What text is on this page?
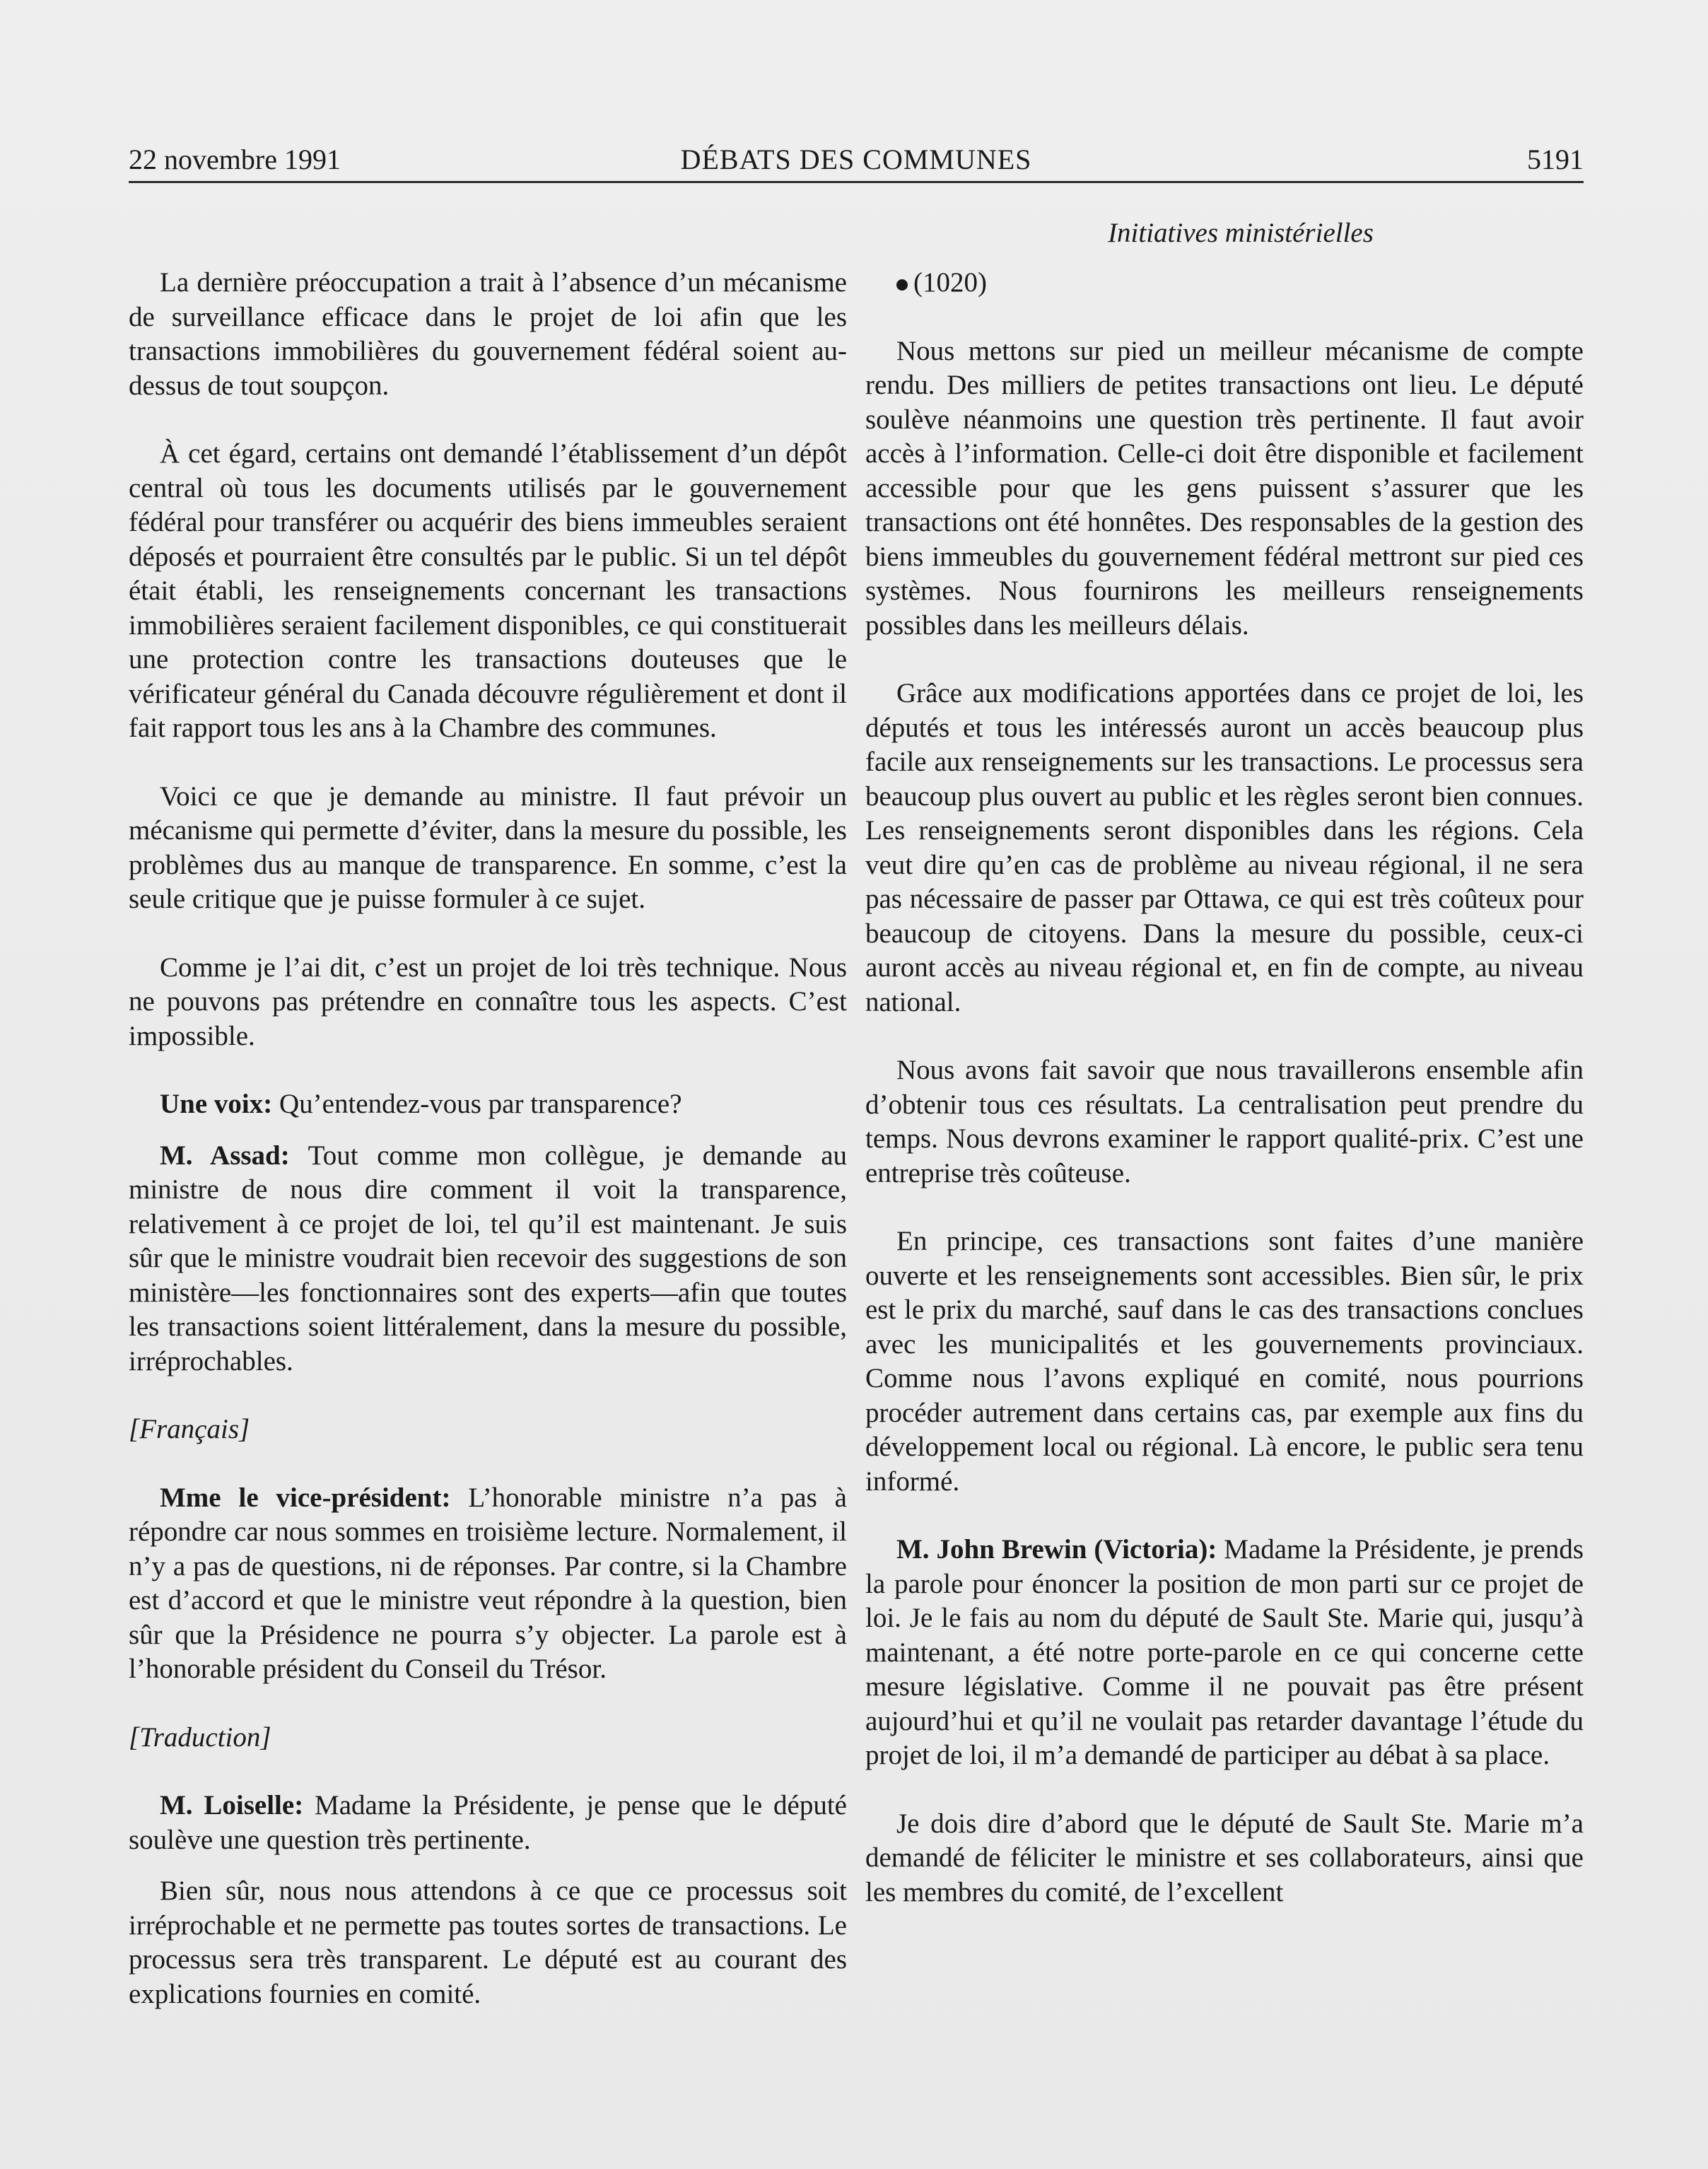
22 novembre 1991	DÉBATS DES COMMUNES	5191
Initiatives ministérielles

La dernière préoccupation a trait à l’absence d’un mécanisme de surveillance efficace dans le projet de loi afin que les transactions immobilières du gouvernement fédéral soient au-dessus de tout soupçon.

À cet égard, certains ont demandé l’établissement d’un dépôt central où tous les documents utilisés par le gouvernement fédéral pour transférer ou acquérir des biens immeubles seraient déposés et pourraient être consultés par le public. Si un tel dépôt était établi, les renseignements concernant les transactions immobilières seraient facilement disponibles, ce qui constituerait une protection contre les transactions douteuses que le vérificateur général du Canada découvre régulièrement et dont il fait rapport tous les ans à la Chambre des communes.

Voici ce que je demande au ministre. Il faut prévoir un mécanisme qui permette d’éviter, dans la mesure du possible, les problèmes dus au manque de transparence. En somme, c’est la seule critique que je puisse formuler à ce sujet.

Comme je l’ai dit, c’est un projet de loi très technique. Nous ne pouvons pas prétendre en connaître tous les aspects. C’est impossible.

Une voix: Qu’entendez-vous par transparence?

M. Assad: Tout comme mon collègue, je demande au ministre de nous dire comment il voit la transparence, relativement à ce projet de loi, tel qu’il est maintenant. Je suis sûr que le ministre voudrait bien recevoir des suggestions de son ministère—les fonctionnaires sont des experts—afin que toutes les transactions soient littéralement, dans la mesure du possible, irréprochables.

[Français]

Mme le vice-président: L’honorable ministre n’a pas à répondre car nous sommes en troisième lecture. Normalement, il n’y a pas de questions, ni de réponses. Par contre, si la Chambre est d’accord et que le ministre veut répondre à la question, bien sûr que la Présidence ne pourra s’y objecter. La parole est à l’honorable président du Conseil du Trésor.

[Traduction]

M. Loiselle: Madame la Présidente, je pense que le député soulève une question très pertinente.

Bien sûr, nous nous attendons à ce que ce processus soit irréprochable et ne permette pas toutes sortes de transactions. Le processus sera très transparent. Le député est au courant des explications fournies en comité.

(1020)

Nous mettons sur pied un meilleur mécanisme de compte rendu. Des milliers de petites transactions ont lieu. Le député soulève néanmoins une question très pertinente. Il faut avoir accès à l’information. Celle-ci doit être disponible et facilement accessible pour que les gens puissent s’assurer que les transactions ont été honnêtes. Des responsables de la gestion des biens immeubles du gouvernement fédéral mettront sur pied ces systèmes. Nous fournirons les meilleurs renseignements possibles dans les meilleurs délais.

Grâce aux modifications apportées dans ce projet de loi, les députés et tous les intéressés auront un accès beaucoup plus facile aux renseignements sur les transactions. Le processus sera beaucoup plus ouvert au public et les règles seront bien connues. Les renseignements seront disponibles dans les régions. Cela veut dire qu’en cas de problème au niveau régional, il ne sera pas nécessaire de passer par Ottawa, ce qui est très coûteux pour beaucoup de citoyens. Dans la mesure du possible, ceux-ci auront accès au niveau régional et, en fin de compte, au niveau national.

Nous avons fait savoir que nous travaillerons ensemble afin d’obtenir tous ces résultats. La centralisation peut prendre du temps. Nous devrons examiner le rapport qualité-prix. C’est une entreprise très coûteuse.

En principe, ces transactions sont faites d’une manière ouverte et les renseignements sont accessibles. Bien sûr, le prix est le prix du marché, sauf dans le cas des transactions conclues avec les municipalités et les gouvernements provinciaux. Comme nous l’avons expliqué en comité, nous pourrions procéder autrement dans certains cas, par exemple aux fins du développement local ou régional. Là encore, le public sera tenu informé.

M. John Brewin (Victoria): Madame la Présidente, je prends la parole pour énoncer la position de mon parti sur ce projet de loi. Je le fais au nom du député de Sault Ste. Marie qui, jusqu’à maintenant, a été notre porte-parole en ce qui concerne cette mesure législative. Comme il ne pouvait pas être présent aujourd’hui et qu’il ne voulait pas retarder davantage l’étude du projet de loi, il m’a demandé de participer au débat à sa place.

Je dois dire d’abord que le député de Sault Ste. Marie m’a demandé de féliciter le ministre et ses collaborateurs, ainsi que les membres du comité, de l’excellent
